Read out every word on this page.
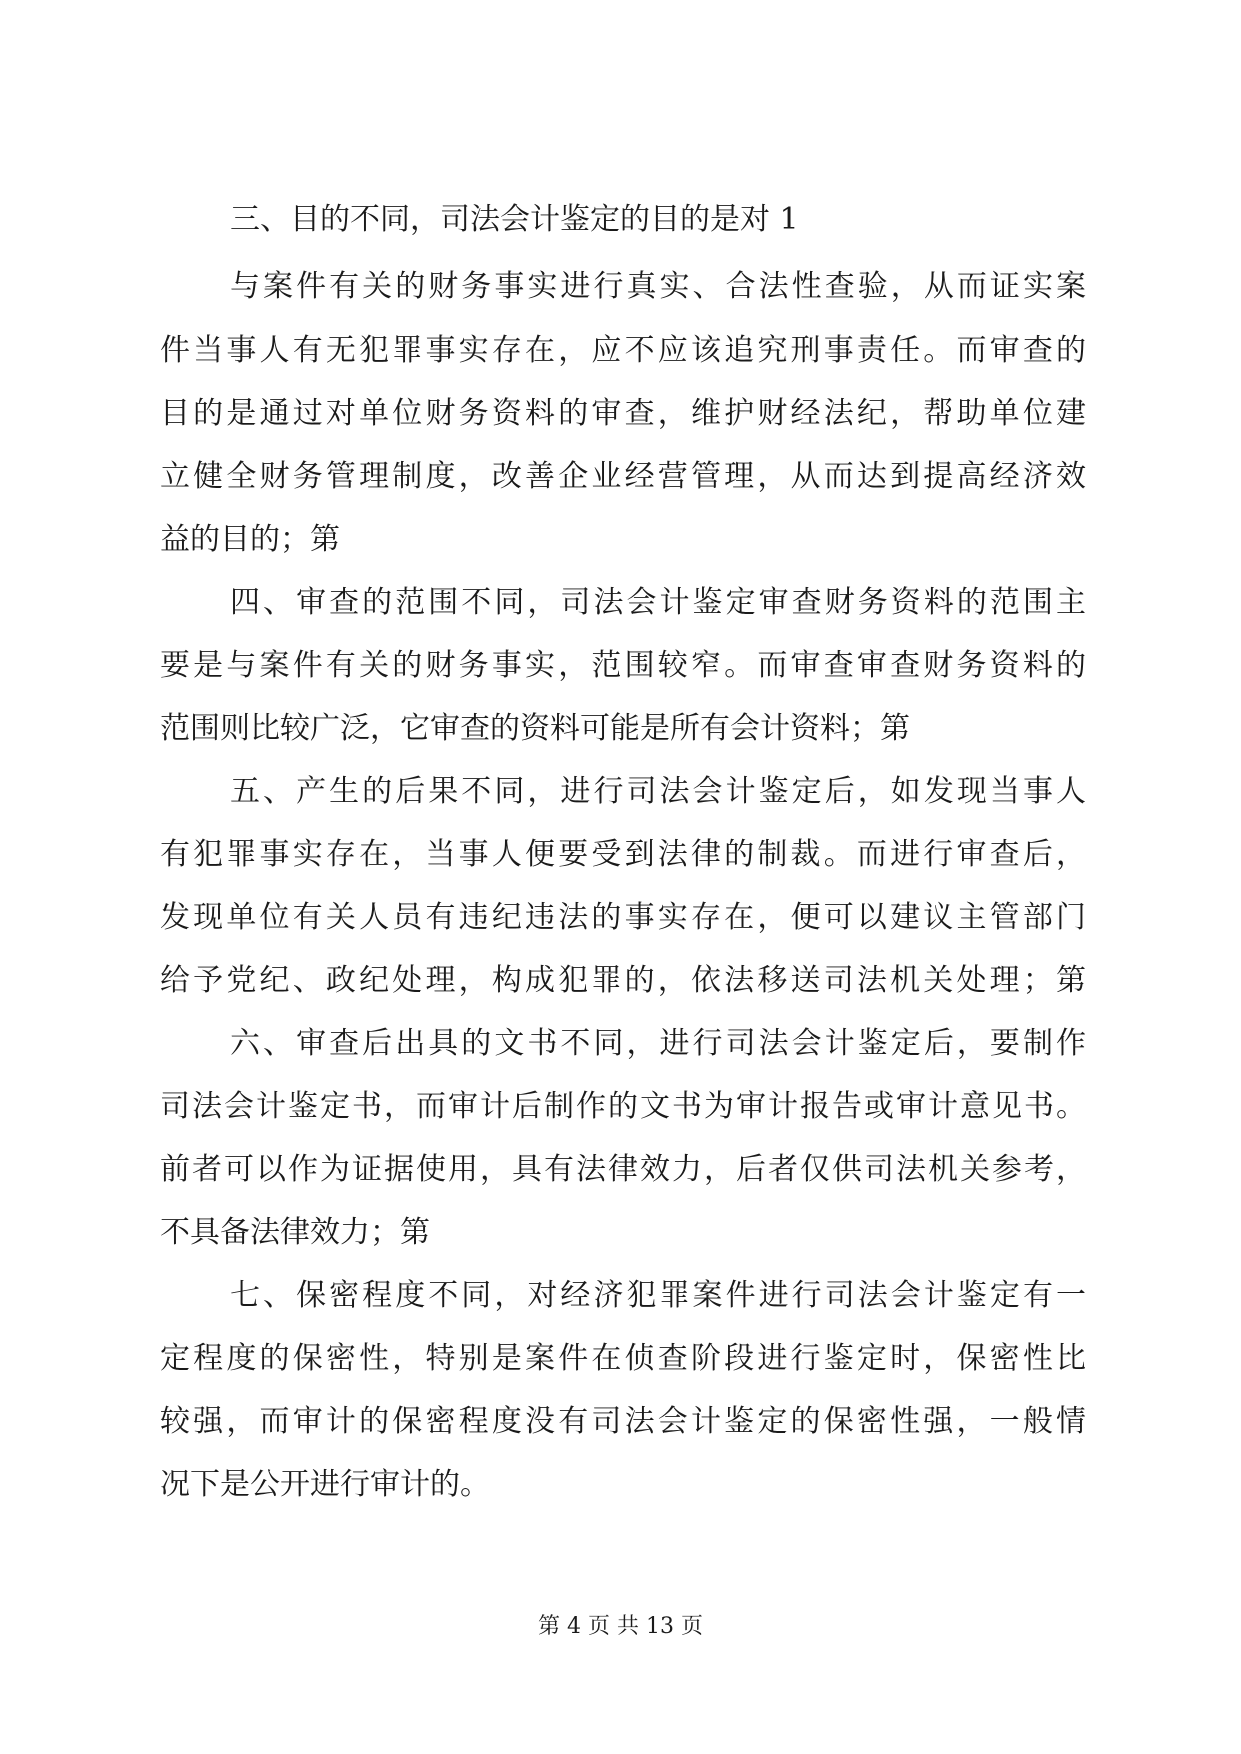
三、目的不同，司法会计鉴定的目的是对 1
与案件有关的财务事实进行真实、合法性查验，从而证实案
件当事人有无犯罪事实存在，应不应该追究刑事责任。而审查的
目的是通过对单位财务资料的审查，维护财经法纪，帮助单位建
立健全财务管理制度，改善企业经营管理，从而达到提高经济效
益的目的；第
四、审查的范围不同，司法会计鉴定审查财务资料的范围主
要是与案件有关的财务事实，范围较窄。而审查审查财务资料的
范围则比较广泛，它审查的资料可能是所有会计资料；第
五、产生的后果不同，进行司法会计鉴定后，如发现当事人
有犯罪事实存在，当事人便要受到法律的制裁。而进行审查后，
发现单位有关人员有违纪违法的事实存在，便可以建议主管部门
给予党纪、政纪处理，构成犯罪的，依法移送司法机关处理；第
六、审查后出具的文书不同，进行司法会计鉴定后，要制作
司法会计鉴定书，而审计后制作的文书为审计报告或审计意见书。
前者可以作为证据使用，具有法律效力，后者仅供司法机关参考，
不具备法律效力；第
七、保密程度不同，对经济犯罪案件进行司法会计鉴定有一
定程度的保密性，特别是案件在侦查阶段进行鉴定时，保密性比
较强，而审计的保密程度没有司法会计鉴定的保密性强，一般情
况下是公开进行审计的。
第 4 页 共 13 页
